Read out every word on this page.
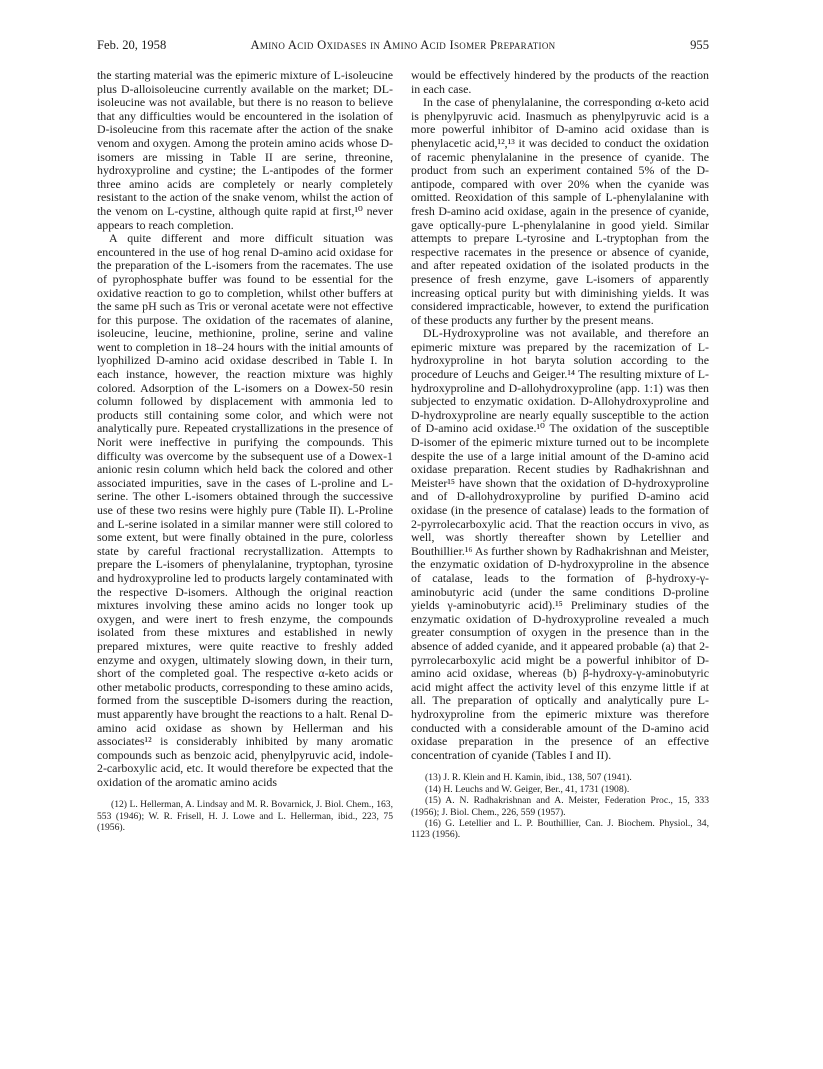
Feb. 20, 1958	Amino Acid Oxidases in Amino Acid Isomer Preparation	955

the starting material was the epimeric mixture of L-isoleucine plus D-alloisoleucine currently available on the market; DL-isoleucine was not available, but there is no reason to believe that any difficulties would be encountered in the isolation of D-isoleucine from this racemate after the action of the snake venom and oxygen. Among the protein amino acids whose D-isomers are missing in Table II are serine, threonine, hydroxyproline and cystine; the L-antipodes of the former three amino acids are completely or nearly completely resistant to the action of the snake venom, whilst the action of the venom on L-cystine, although quite rapid at first,¹⁰ never appears to reach completion.

A quite different and more difficult situation was encountered in the use of hog renal D-amino acid oxidase for the preparation of the L-isomers from the racemates. The use of pyrophosphate buffer was found to be essential for the oxidative reaction to go to completion, whilst other buffers at the same pH such as Tris or veronal acetate were not effective for this purpose. The oxidation of the racemates of alanine, isoleucine, leucine, methionine, proline, serine and valine went to completion in 18–24 hours with the initial amounts of lyophilized D-amino acid oxidase described in Table I. In each instance, however, the reaction mixture was highly colored. Adsorption of the L-isomers on a Dowex-50 resin column followed by displacement with ammonia led to products still containing some color, and which were not analytically pure. Repeated crystallizations in the presence of Norit were ineffective in purifying the compounds. This difficulty was overcome by the subsequent use of a Dowex-1 anionic resin column which held back the colored and other associated impurities, save in the cases of L-proline and L-serine. The other L-isomers obtained through the successive use of these two resins were highly pure (Table II). L-Proline and L-serine isolated in a similar manner were still colored to some extent, but were finally obtained in the pure, colorless state by careful fractional recrystallization. Attempts to prepare the L-isomers of phenylalanine, tryptophan, tyrosine and hydroxyproline led to products largely contaminated with the respective D-isomers. Although the original reaction mixtures involving these amino acids no longer took up oxygen, and were inert to fresh enzyme, the compounds isolated from these mixtures and established in newly prepared mixtures, were quite reactive to freshly added enzyme and oxygen, ultimately slowing down, in their turn, short of the completed goal. The respective α-keto acids or other metabolic products, corresponding to these amino acids, formed from the susceptible D-isomers during the reaction, must apparently have brought the reactions to a halt. Renal D-amino acid oxidase as shown by Hellerman and his associates¹² is considerably inhibited by many aromatic compounds such as benzoic acid, phenylpyruvic acid, indole-2-carboxylic acid, etc. It would therefore be expected that the oxidation of the aromatic amino acids

(12) L. Hellerman, A. Lindsay and M. R. Bovarnick, J. Biol. Chem., 163, 553 (1946); W. R. Frisell, H. J. Lowe and L. Hellerman, ibid., 223, 75 (1956).

would be effectively hindered by the products of the reaction in each case.

In the case of phenylalanine, the corresponding α-keto acid is phenylpyruvic acid. Inasmuch as phenylpyruvic acid is a more powerful inhibitor of D-amino acid oxidase than is phenylacetic acid,¹²,¹³ it was decided to conduct the oxidation of racemic phenylalanine in the presence of cyanide. The product from such an experiment contained 5% of the D-antipode, compared with over 20% when the cyanide was omitted. Reoxidation of this sample of L-phenylalanine with fresh D-amino acid oxidase, again in the presence of cyanide, gave optically-pure L-phenylalanine in good yield. Similar attempts to prepare L-tyrosine and L-tryptophan from the respective racemates in the presence or absence of cyanide, and after repeated oxidation of the isolated products in the presence of fresh enzyme, gave L-isomers of apparently increasing optical purity but with diminishing yields. It was considered impracticable, however, to extend the purification of these products any further by the present means.

DL-Hydroxyproline was not available, and therefore an epimeric mixture was prepared by the racemization of L-hydroxyproline in hot baryta solution according to the procedure of Leuchs and Geiger.¹⁴ The resulting mixture of L-hydroxyproline and D-allohydroxyproline (app. 1:1) was then subjected to enzymatic oxidation. D-Allohydroxyproline and D-hydroxyproline are nearly equally susceptible to the action of D-amino acid oxidase.¹⁰ The oxidation of the susceptible D-isomer of the epimeric mixture turned out to be incomplete despite the use of a large initial amount of the D-amino acid oxidase preparation. Recent studies by Radhakrishnan and Meister¹⁵ have shown that the oxidation of D-hydroxyproline and of D-allohydroxyproline by purified D-amino acid oxidase (in the presence of catalase) leads to the formation of 2-pyrrolecarboxylic acid. That the reaction occurs in vivo, as well, was shortly thereafter shown by Letellier and Bouthillier.¹⁶ As further shown by Radhakrishnan and Meister, the enzymatic oxidation of D-hydroxyproline in the absence of catalase, leads to the formation of β-hydroxy-γ-aminobutyric acid (under the same conditions D-proline yields γ-aminobutyric acid).¹⁵ Preliminary studies of the enzymatic oxidation of D-hydroxyproline revealed a much greater consumption of oxygen in the presence than in the absence of added cyanide, and it appeared probable (a) that 2-pyrrolecarboxylic acid might be a powerful inhibitor of D-amino acid oxidase, whereas (b) β-hydroxy-γ-aminobutyric acid might affect the activity level of this enzyme little if at all. The preparation of optically and analytically pure L-hydroxyproline from the epimeric mixture was therefore conducted with a considerable amount of the D-amino acid oxidase preparation in the presence of an effective concentration of cyanide (Tables I and II).

(13) J. R. Klein and H. Kamin, ibid., 138, 507 (1941).

(14) H. Leuchs and W. Geiger, Ber., 41, 1731 (1908).

(15) A. N. Radhakrishnan and A. Meister, Federation Proc., 15, 333 (1956); J. Biol. Chem., 226, 559 (1957).

(16) G. Letellier and L. P. Bouthillier, Can. J. Biochem. Physiol., 34, 1123 (1956).
